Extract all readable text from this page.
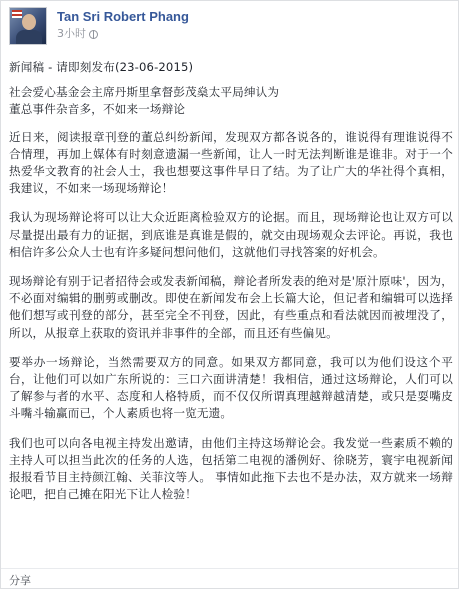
Tan Sri Robert Phang
3小时

新闻稿 - 请即刻发布(23-06-2015)

社会爱心基金会主席丹斯里拿督彭茂燊太平局绅认为
董总事件杂音多，不如来一场辩论

近日来，阅读报章刊登的董总纠纷新闻，发现双方都各说各的，谁说得有理谁说得不合情理，再加上媒体有时刻意遗漏一些新闻，让人一时无法判断谁是谁非。对于一个热爱华文教育的社会人士，我也想要这事件早日了结。为了让广大的华社得个真相，我建议，不如来一场现场辩论！

我认为现场辩论将可以让大众近距离检验双方的论据。而且，现场辩论也让双方可以尽量提出最有力的证据，到底谁是真谁是假的，就交由现场观众去评论。再说，我也相信许多公众人士也有许多疑问想问他们，这就他们寻找答案的好机会。

现场辩论有别于记者招待会或发表新闻稿，辩论者所发表的绝对是'原汁原味'，因为，不必面对编辑的删剪或删改。即使在新闻发布会上长篇大论，但记者和编辑可以选择他们想写或刊登的部分，甚至完全不刊登，因此，有些重点和看法就因而被埋没了，所以，从报章上获取的资讯并非事件的全部，而且还有些偏见。

要举办一场辩论，当然需要双方的同意。如果双方都同意，我可以为他们设这个平台，让他们可以如广东所说的：三口六面讲清楚！我相信，通过这场辩论，人们可以了解参与者的水平、态度和人格特质，而不仅仅所谓真理越辩越清楚，或只是耍嘴皮斗嘴斗输赢而已，个人素质也将一览无遗。

我们也可以向各电视主持发出邀请，由他们主持这场辩论会。我发觉一些素质不赖的主持人可以担当此次的任务的人选，包括第二电视的潘例好、徐晓芳，寰宇电视新闻报报看节目主持颜江翰、关菲汶等人。 事情如此拖下去也不是办法，双方就来一场辩论吧，把自己摊在阳光下让人检验！

分享
